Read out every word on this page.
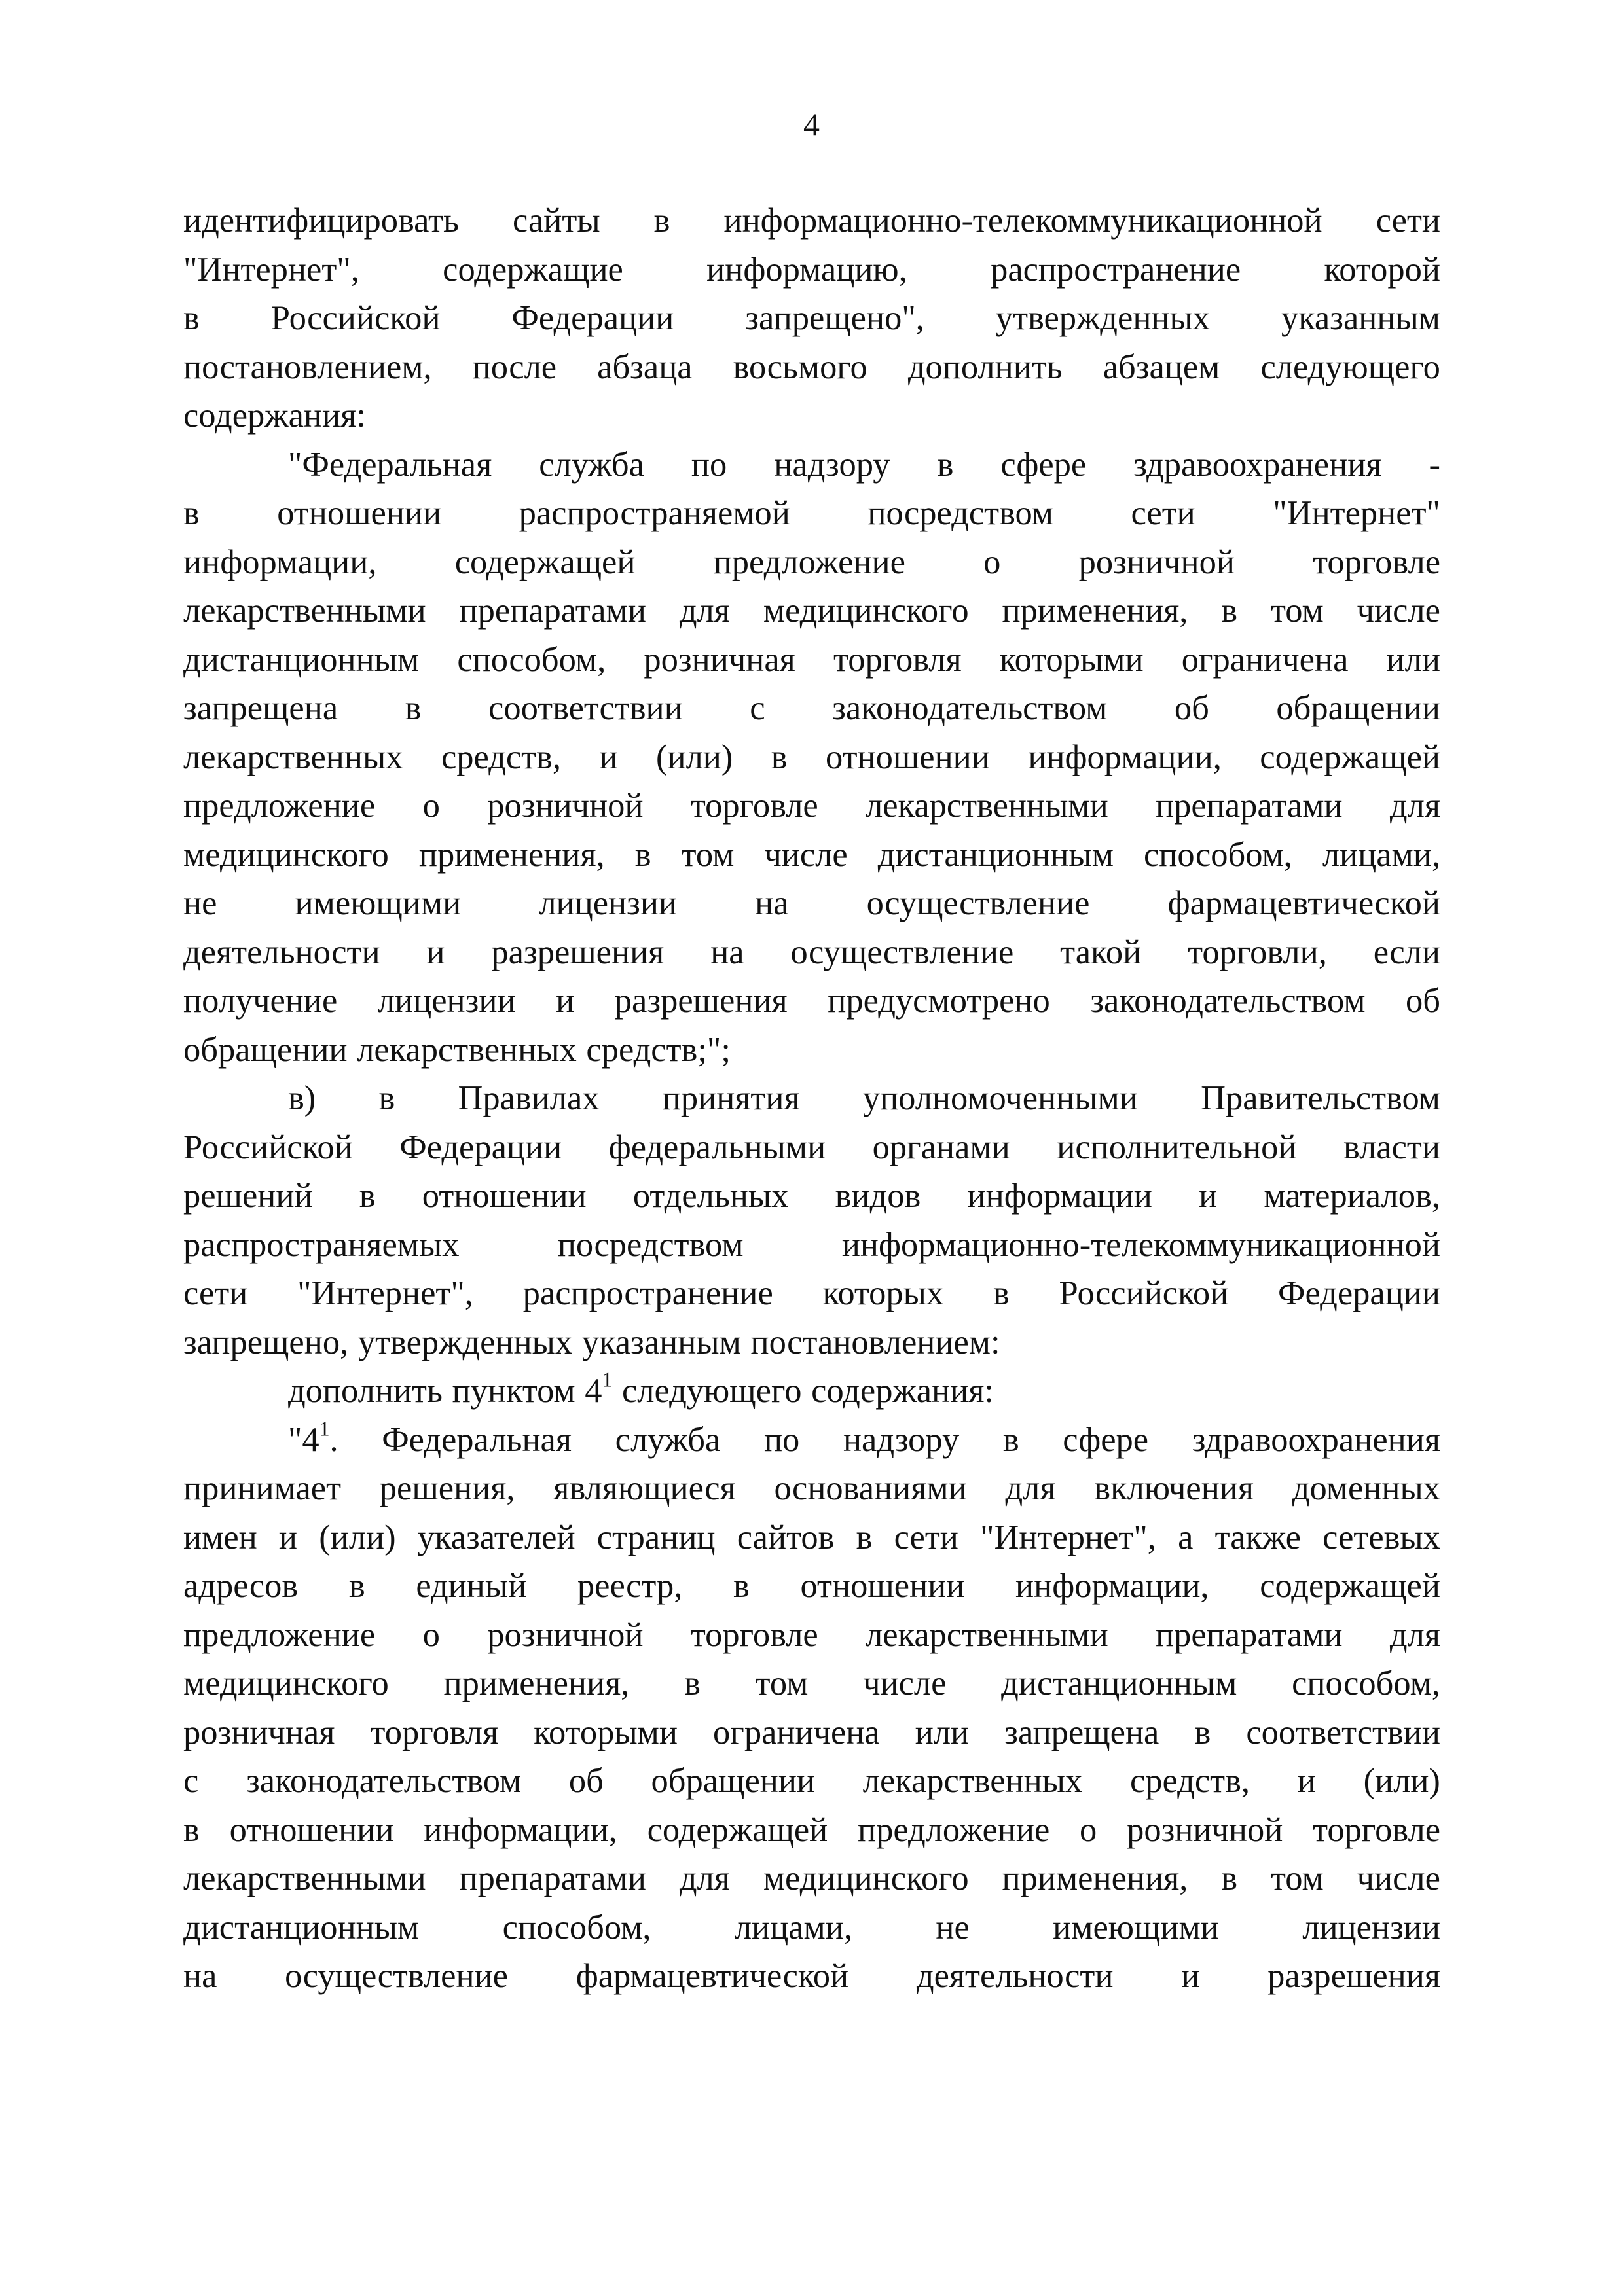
4
идентифицировать сайты в информационно-телекоммуникационной сети
"Интернет", содержащие информацию, распространение которой
в Российской Федерации запрещено", утвержденных указанным
постановлением, после абзаца восьмого дополнить абзацем следующего
содержания:
"Федеральная служба по надзору в сфере здравоохранения -
в отношении распространяемой посредством сети "Интернет"
информации, содержащей предложение о розничной торговле
лекарственными препаратами для медицинского применения, в том числе
дистанционным способом, розничная торговля которыми ограничена или
запрещена в соответствии с законодательством об обращении
лекарственных средств, и (или) в отношении информации, содержащей
предложение о розничной торговле лекарственными препаратами для
медицинского применения, в том числе дистанционным способом, лицами,
не имеющими лицензии на осуществление фармацевтической
деятельности и разрешения на осуществление такой торговли, если
получение лицензии и разрешения предусмотрено законодательством об
обращении лекарственных средств;";
в) в Правилах принятия уполномоченными Правительством
Российской Федерации федеральными органами исполнительной власти
решений в отношении отдельных видов информации и материалов,
распространяемых	посредством	информационно-телекоммуникационной
сети "Интернет", распространение которых в Российской Федерации
запрещено, утвержденных указанным постановлением:
дополнить пунктом $4^1$ следующего содержания:
"$4^1$. Федеральная служба по надзору в сфере здравоохранения
принимает решения, являющиеся основаниями для включения доменных
имен и (или) указателей страниц сайтов в сети "Интернет", а также сетевых
адресов в единый реестр, в отношении информации, содержащей
предложение о розничной торговле лекарственными препаратами для
медицинского применения, в том числе дистанционным способом,
розничная торговля которыми ограничена или запрещена в соответствии
с законодательством об обращении лекарственных средств, и (или)
в отношении информации, содержащей предложение о розничной торговле
лекарственными препаратами для медицинского применения, в том числе
дистанционным способом, лицами, не имеющими лицензии
на осуществление фармацевтической деятельности и разрешения
